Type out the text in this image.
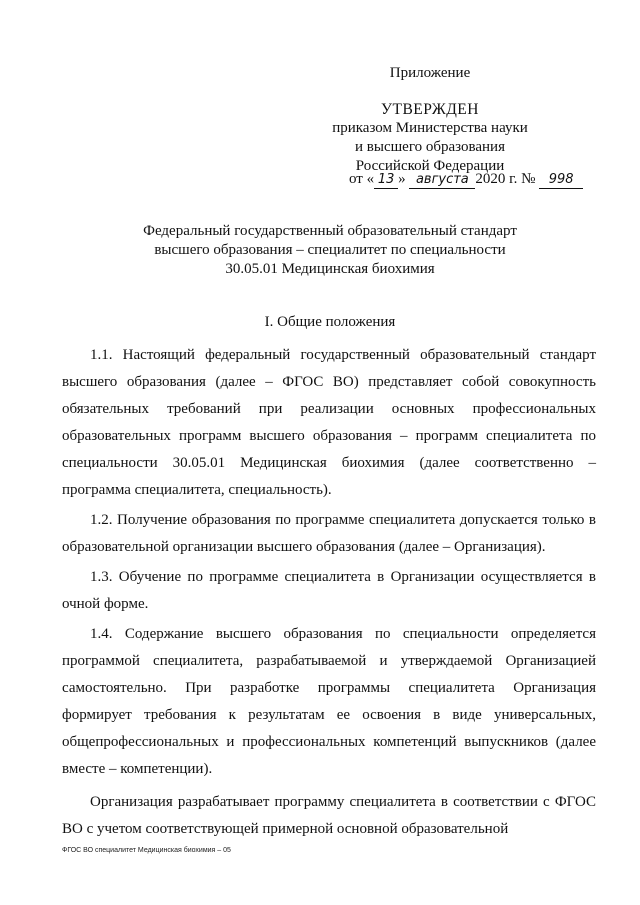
Приложение
УТВЕРЖДЕН
приказом Министерства науки
и высшего образования
Российской Федерации
от « 13 » августа 2020 г. № 998
Федеральный государственный образовательный стандарт
высшего образования – специалитет по специальности
30.05.01 Медицинская биохимия
I. Общие положения

1.1. Настоящий федеральный государственный образовательный стандарт высшего образования (далее – ФГОС ВО) представляет собой совокупность обязательных требований при реализации основных профессиональных образовательных программ высшего образования – программ специалитета по специальности 30.05.01 Медицинская биохимия (далее соответственно – программа специалитета, специальность).

1.2. Получение образования по программе специалитета допускается только в образовательной организации высшего образования (далее – Организация).

1.3. Обучение по программе специалитета в Организации осуществляется в очной форме.

1.4. Содержание высшего образования по специальности определяется программой специалитета, разрабатываемой и утверждаемой Организацией самостоятельно. При разработке программы специалитета Организация формирует требования к результатам ее освоения в виде универсальных, общепрофессиональных и профессиональных компетенций выпускников (далее вместе – компетенции).

Организация разрабатывает программу специалитета в соответствии с ФГОС ВО с учетом соответствующей примерной основной образовательной

ФГОС ВО специалитет Медицинская биохимия – 05
